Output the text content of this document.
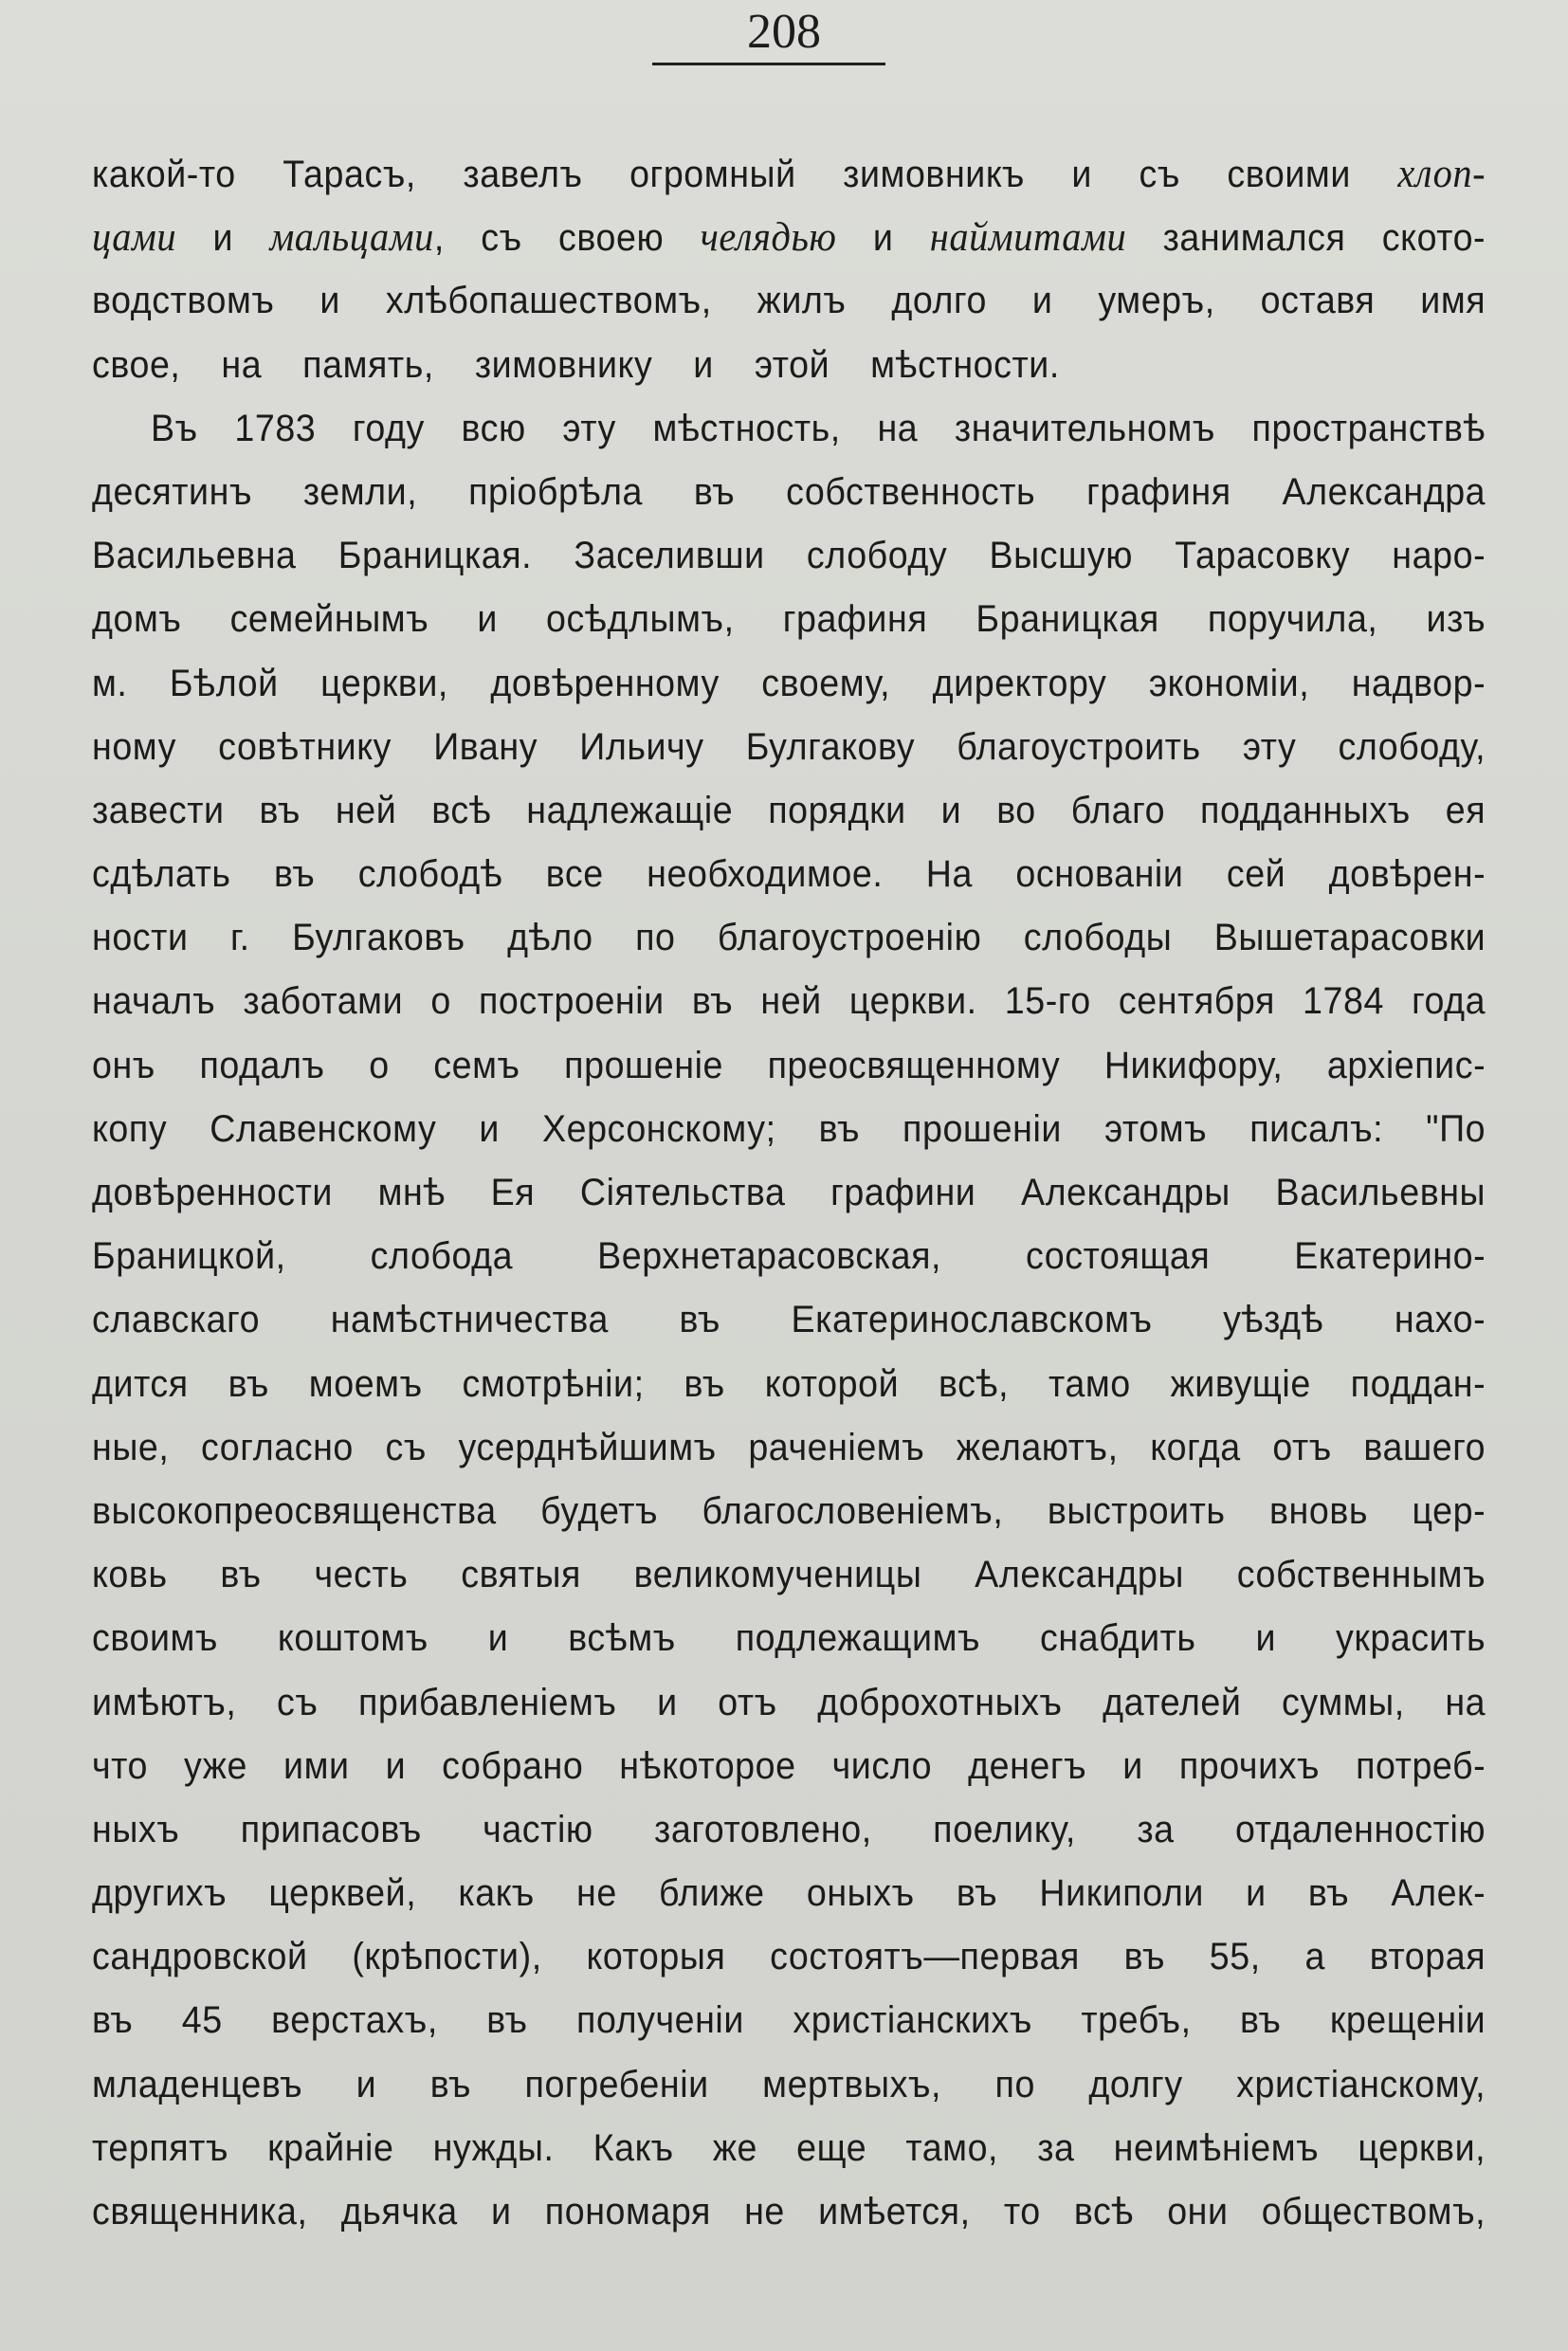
208
какой-то Тарасъ, завелъ огромный зимовникъ и съ своими хлоп-
цами и мальцами, съ своею челядью и наймитами занимался ското-
водствомъ и хлѣбопашествомъ, жилъ долго и умеръ, оставя имя
свое, на память, зимовнику и этой мѣстности.
Въ 1783 году всю эту мѣстность, на значительномъ пространствѣ
десятинъ земли, пріобрѣла въ собственность графиня Александра
Васильевна Браницкая. Заселивши слободу Высшую Тарасовку наро-
домъ семейнымъ и осѣдлымъ, графиня Браницкая поручила, изъ
м. Бѣлой церкви, довѣренному своему, директору экономіи, надвор-
ному совѣтнику Ивану Ильичу Булгакову благоустроить эту слободу,
завести въ ней всѣ надлежащіе порядки и во благо подданныхъ ея
сдѣлать въ слободѣ все необходимое. На основаніи сей довѣрен-
ности г. Булгаковъ дѣло по благоустроенію слободы Вышетарасовки
началъ заботами о построеніи въ ней церкви. 15-го сентября 1784 года
онъ подалъ о семъ прошеніе преосвященному Никифору, архіепис-
копу Славенскому и Херсонскому; въ прошеніи этомъ писалъ: "По
довѣренности мнѣ Ея Сіятельства графини Александры Васильевны
Браницкой, слобода Верхнетарасовская, состоящая Екатерино-
славскаго намѣстничества въ Екатеринославскомъ уѣздѣ нахо-
дится въ моемъ смотрѣніи; въ которой всѣ, тамо живущіе поддан-
ные, согласно съ усерднѣйшимъ раченіемъ желаютъ, когда отъ вашего
высокопреосвященства будетъ благословеніемъ, выстроить вновь цер-
ковь въ честь святыя великомученицы Александры собственнымъ
своимъ коштомъ и всѣмъ подлежащимъ снабдить и украсить
имѣютъ, съ прибавленіемъ и отъ доброхотныхъ дателей суммы, на
что уже ими и собрано нѣкоторое число денегъ и прочихъ потреб-
ныхъ припасовъ частію заготовлено, поелику, за отдаленностію
другихъ церквей, какъ не ближе оныхъ въ Никиполи и въ Алек-
сандровской (крѣпости), которыя состоятъ—первая въ 55, а вторая
въ 45 верстахъ, въ полученіи христіанскихъ требъ, въ крещеніи
младенцевъ и въ погребеніи мертвыхъ, по долгу христіанскому,
терпятъ крайніе нужды. Какъ же еще тамо, за неимѣніемъ церкви,
священника, дьячка и пономаря не имѣется, то всѣ они обществомъ,
